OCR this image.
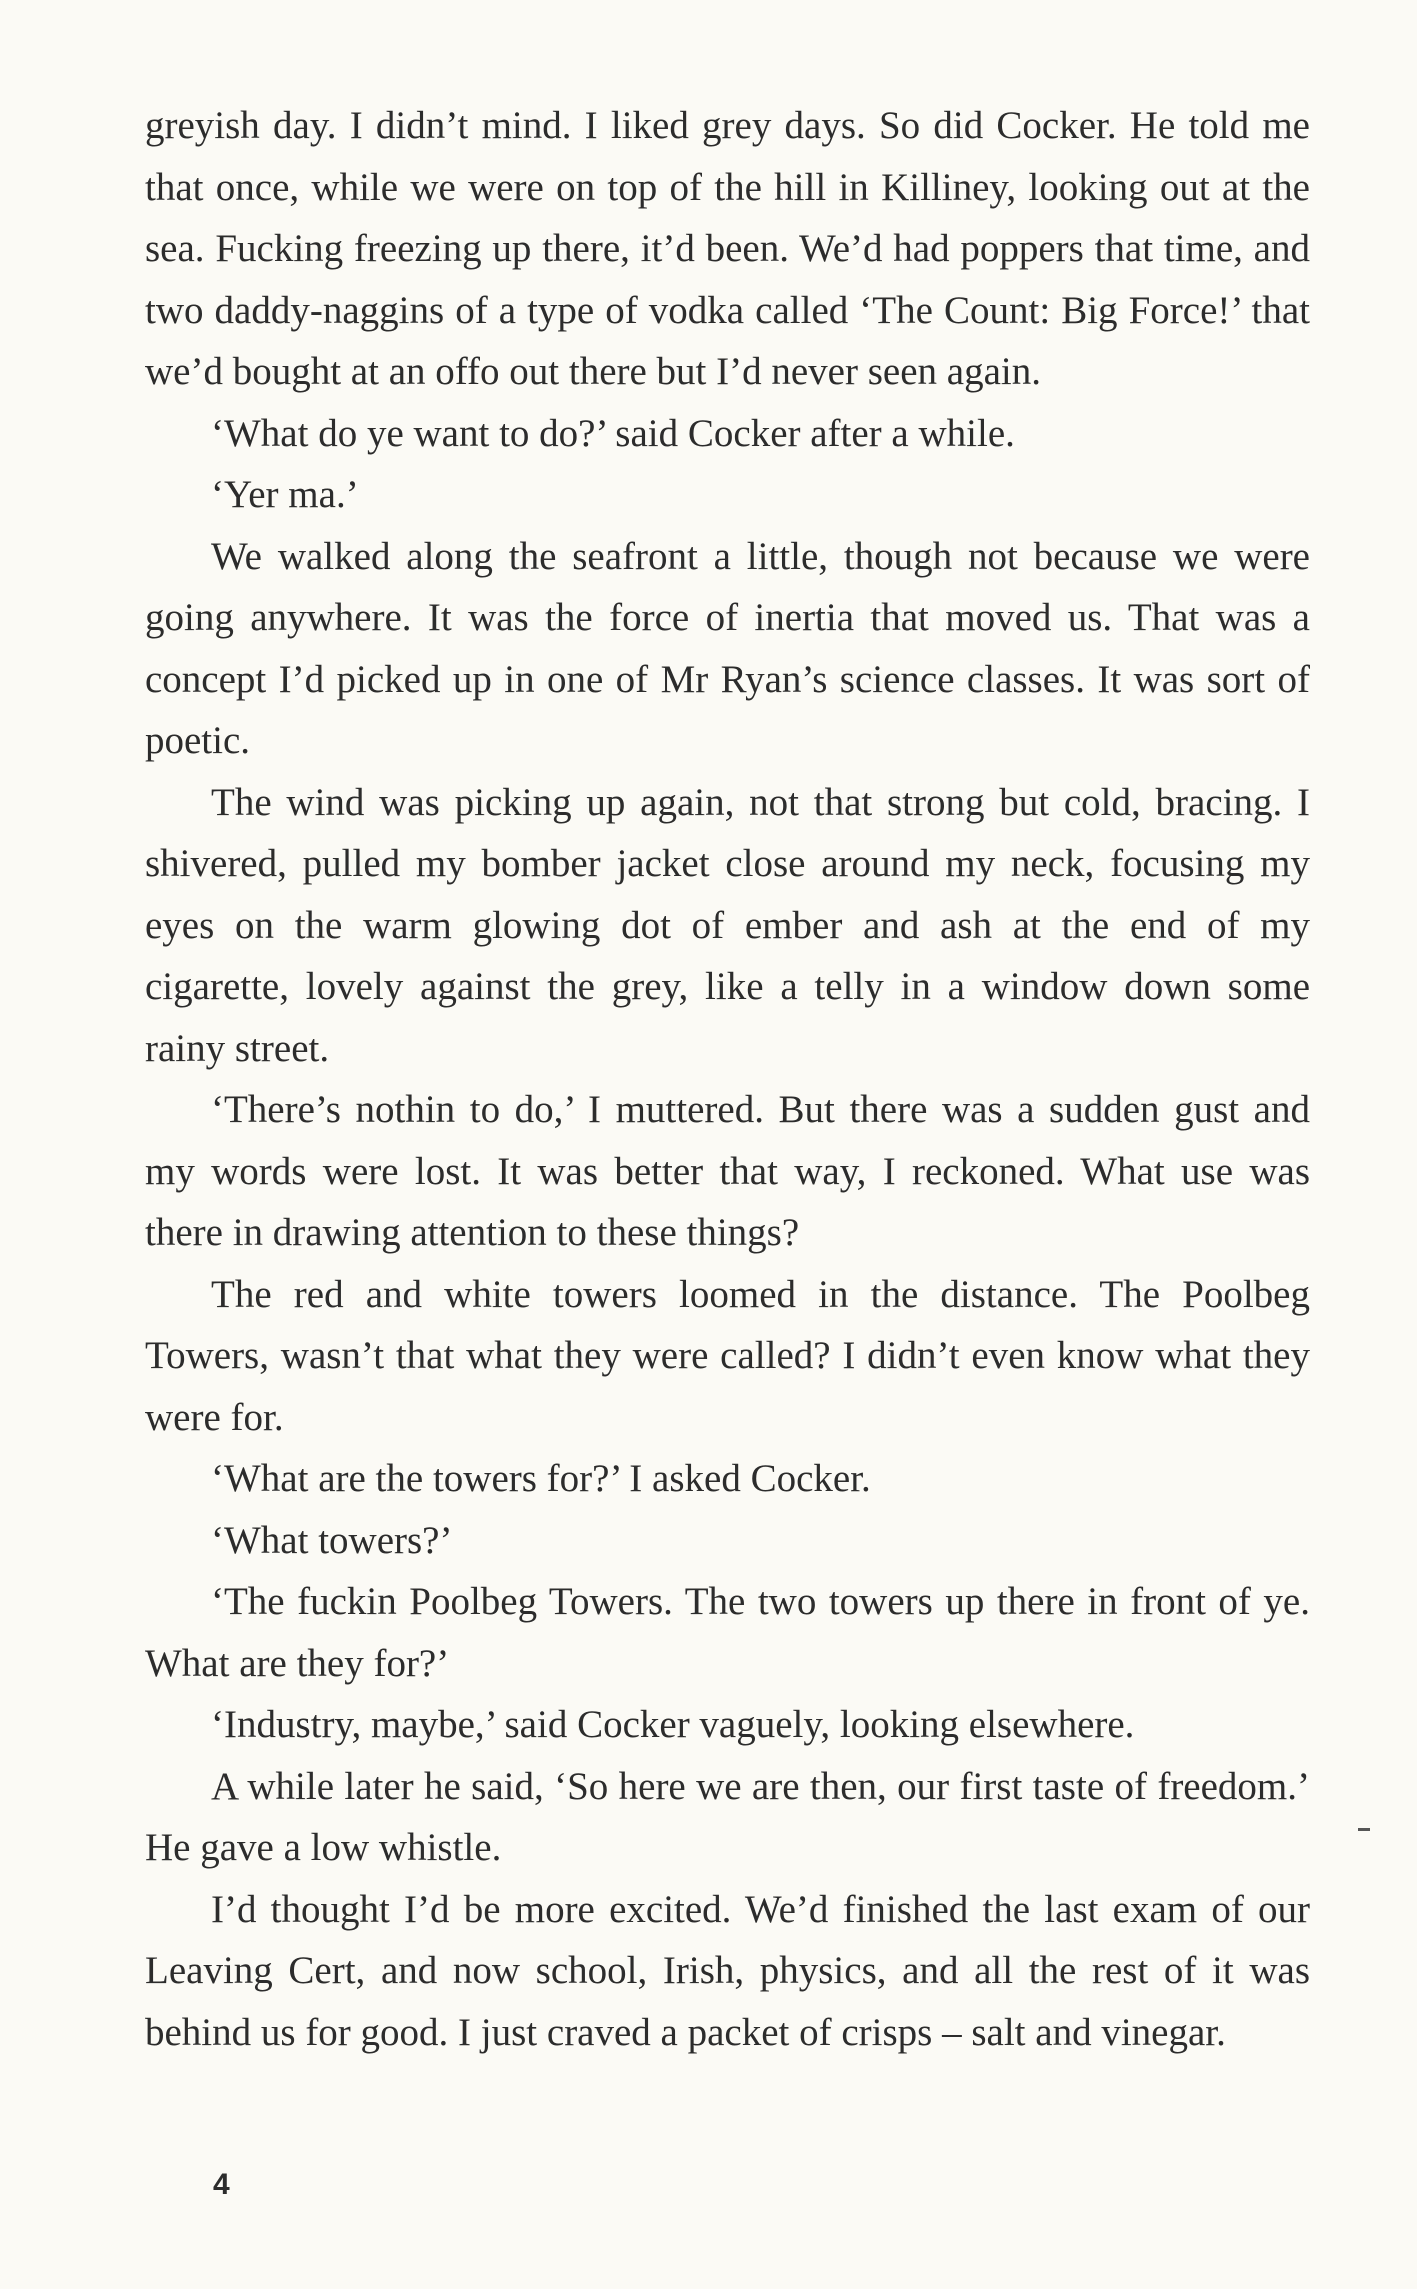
greyish day. I didn’t mind. I liked grey days. So did Cocker. He told me that once, while we were on top of the hill in Killiney, looking out at the sea. Fucking freezing up there, it’d been. We’d had poppers that time, and two daddy-naggins of a type of vodka called ‘The Count: Big Force!’ that we’d bought at an offo out there but I’d never seen again.

‘What do ye want to do?’ said Cocker after a while.

‘Yer ma.’

We walked along the seafront a little, though not because we were going anywhere. It was the force of inertia that moved us. That was a concept I’d picked up in one of Mr Ryan’s science classes. It was sort of poetic.

The wind was picking up again, not that strong but cold, bracing. I shivered, pulled my bomber jacket close around my neck, focusing my eyes on the warm glowing dot of ember and ash at the end of my cigarette, lovely against the grey, like a telly in a window down some rainy street.

‘There’s nothin to do,’ I muttered. But there was a sudden gust and my words were lost. It was better that way, I reckoned. What use was there in drawing attention to these things?

The red and white towers loomed in the distance. The Poolbeg Towers, wasn’t that what they were called? I didn’t even know what they were for.

‘What are the towers for?’ I asked Cocker.

‘What towers?’

‘The fuckin Poolbeg Towers. The two towers up there in front of ye. What are they for?’

‘Industry, maybe,’ said Cocker vaguely, looking elsewhere.

A while later he said, ‘So here we are then, our first taste of freedom.’ He gave a low whistle.

I’d thought I’d be more excited. We’d finished the last exam of our Leaving Cert, and now school, Irish, physics, and all the rest of it was behind us for good. I just craved a packet of crisps – salt and vinegar.

4
